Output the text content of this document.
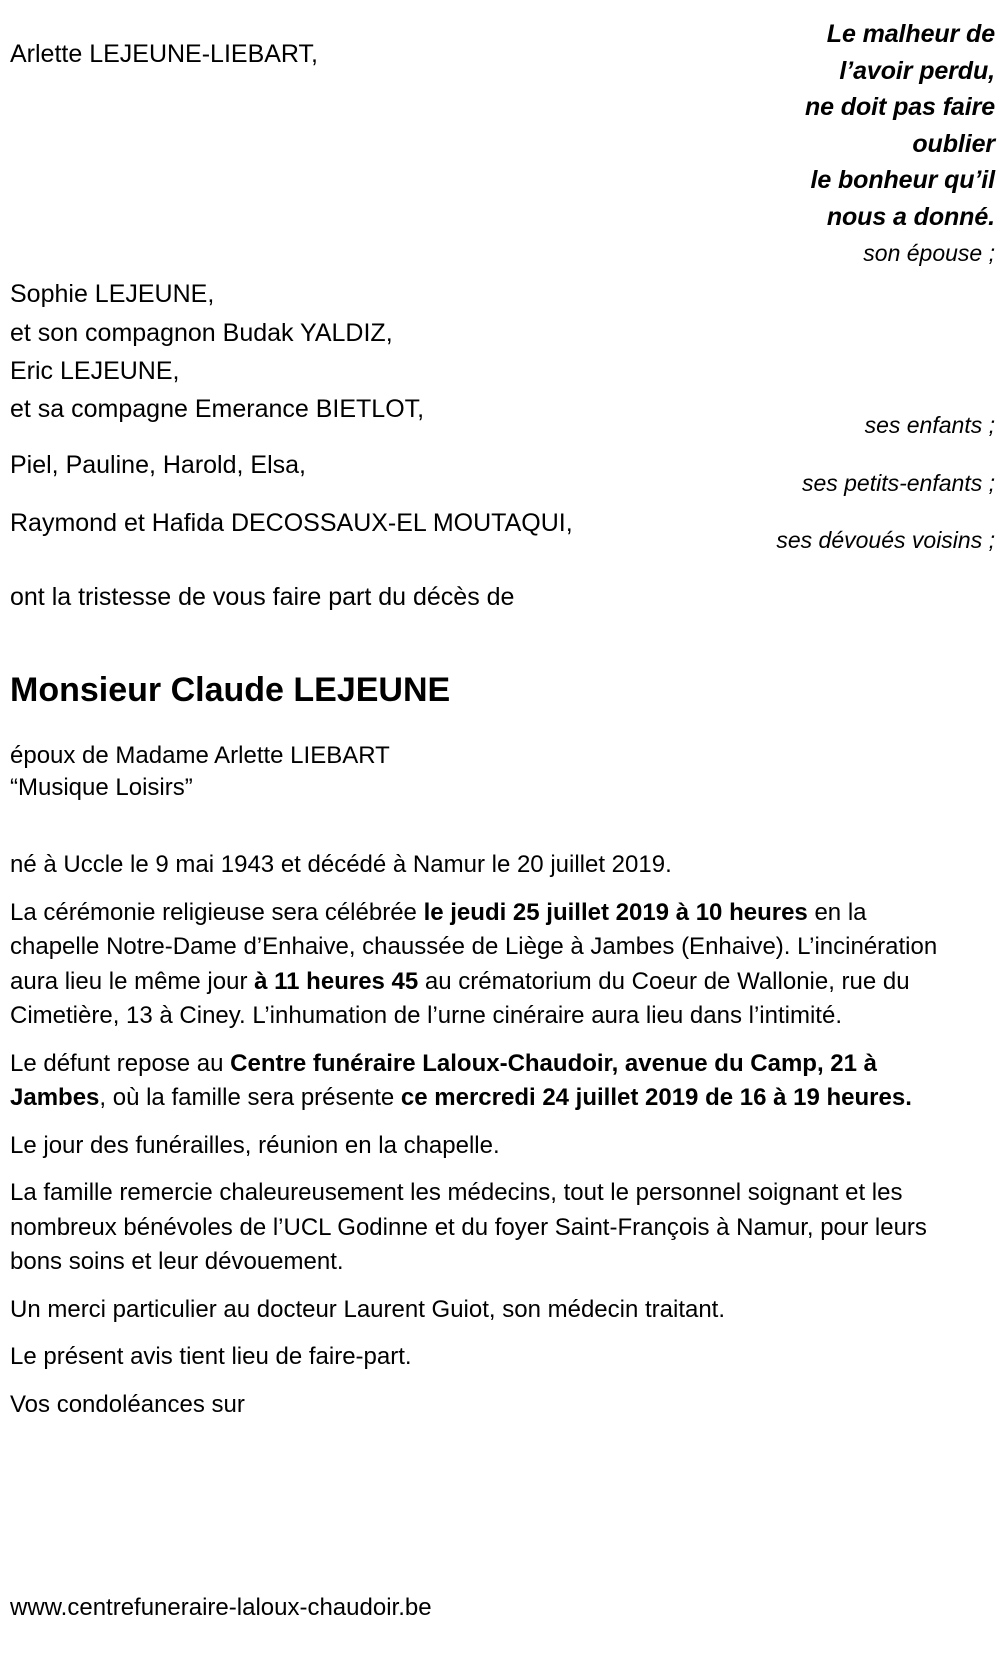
Le malheur de
l’avoir perdu,
ne doit pas faire
oublier
le bonheur qu’il
nous a donné.
son épouse ;
ses enfants ;
ses petits-enfants ;
ses dévoués voisins ;
Arlette LEJEUNE-LIEBART,
Sophie LEJEUNE,
et son compagnon Budak YALDIZ,
Eric LEJEUNE,
et sa compagne Emerance BIETLOT,
Piel, Pauline, Harold, Elsa,
Raymond et Hafida DECOSSAUX-EL MOUTAQUI,
ont la tristesse de vous faire part du décès de
Monsieur Claude LEJEUNE
époux de Madame Arlette LIEBART
“Musique Loisirs”

né à Uccle le 9 mai 1943 et décédé à Namur le 20 juillet 2019.

La cérémonie religieuse sera célébrée le jeudi 25 juillet 2019 à 10 heures en la chapelle Notre-Dame d’Enhaive, chaussée de Liège à Jambes (Enhaive). L’incinération aura lieu le même jour à 11 heures 45 au crématorium du Coeur de Wallonie, rue du Cimetière, 13 à Ciney. L’inhumation de l’urne cinéraire aura lieu dans l’intimité.

Le défunt repose au Centre funéraire Laloux-Chaudoir, avenue du Camp, 21 à Jambes, où la famille sera présente ce mercredi 24 juillet 2019 de 16 à 19 heures.

Le jour des funérailles, réunion en la chapelle.

La famille remercie chaleureusement les médecins, tout le personnel soignant et les nombreux bénévoles de l’UCL Godinne et du foyer Saint-François à Namur, pour leurs bons soins et leur dévouement.

Un merci particulier au docteur Laurent Guiot, son médecin traitant.

Le présent avis tient lieu de faire-part.

Vos condoléances sur

www.centrefuneraire-laloux-chaudoir.be
